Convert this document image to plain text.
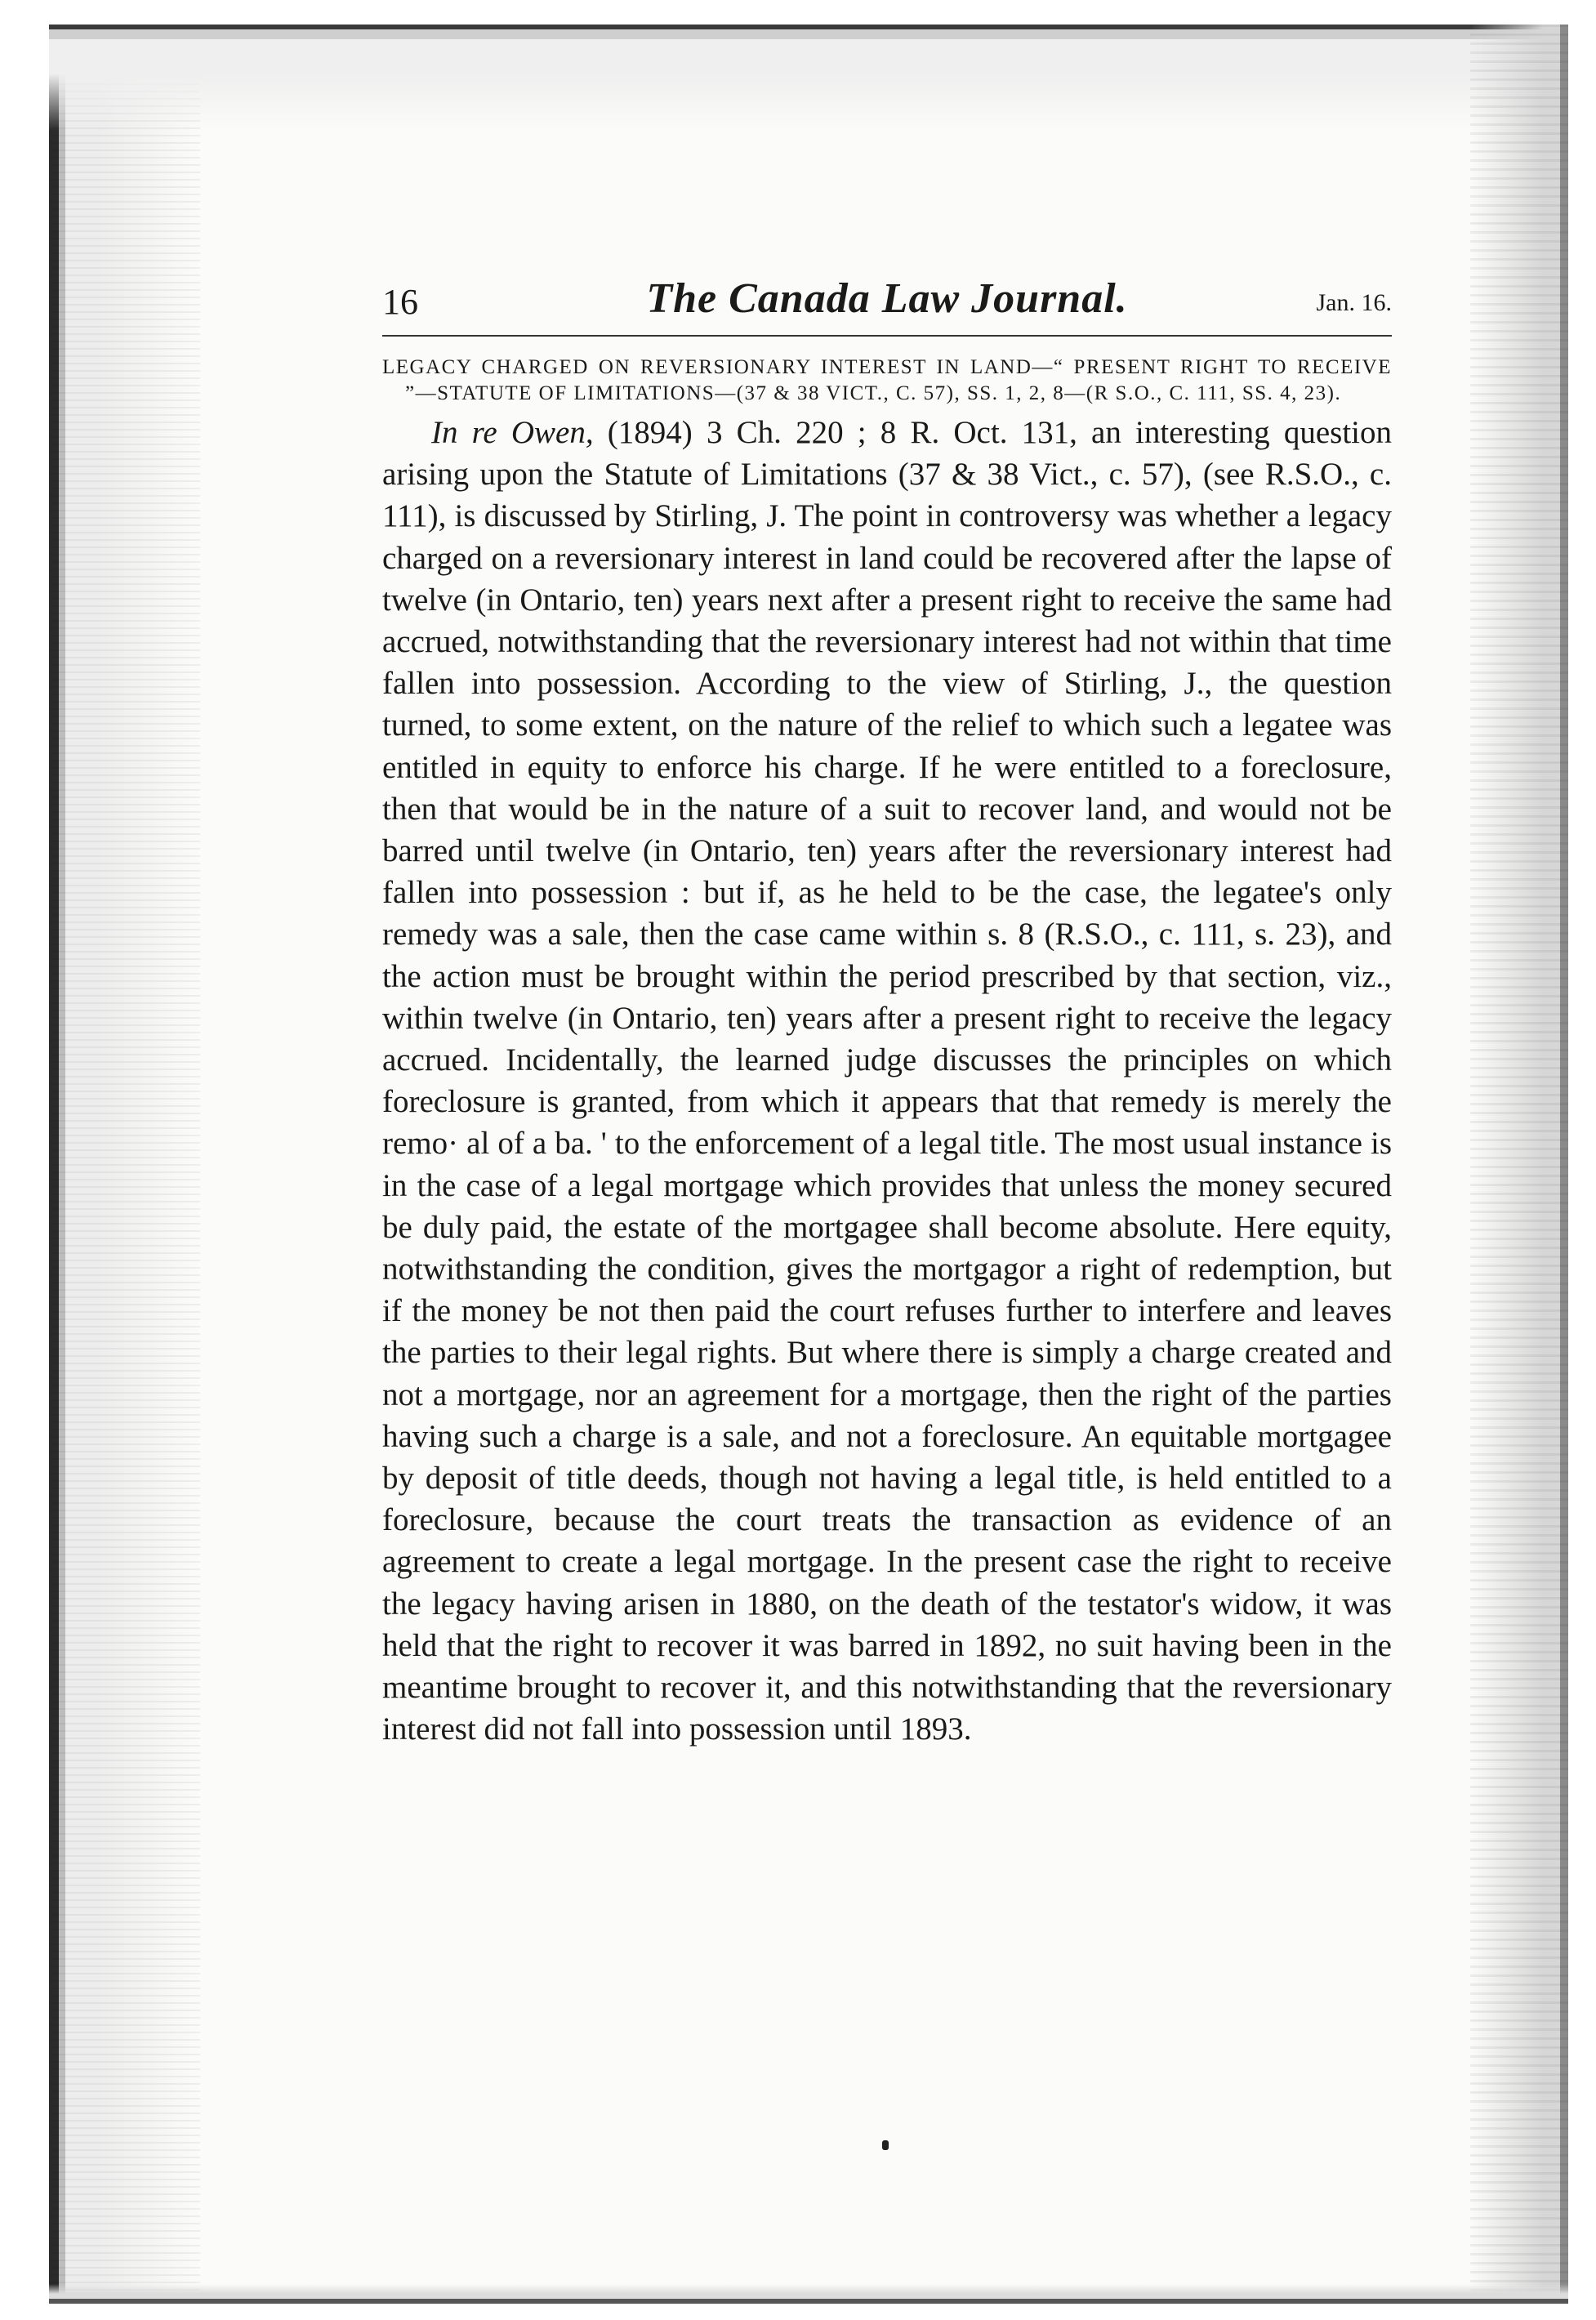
16	The Canada Law Journal.	Jan. 16.
LEGACY CHARGED ON REVERSIONARY INTEREST IN LAND—“ PRESENT RIGHT TO RECEIVE ”—STATUTE OF LIMITATIONS—(37 & 38 VICT., C. 57), SS. 1, 2, 8—(R S.O., C. 111, SS. 4, 23).

In re Owen, (1894) 3 Ch. 220 ; 8 R. Oct. 131, an interesting question arising upon the Statute of Limitations (37 & 38 Vict., c. 57), (see R.S.O., c. 111), is discussed by Stirling, J. The point in controversy was whether a legacy charged on a reversionary interest in land could be recovered after the lapse of twelve (in Ontario, ten) years next after a present right to receive the same had accrued, notwithstanding that the reversionary interest had not within that time fallen into possession. According to the view of Stirling, J., the question turned, to some extent, on the nature of the relief to which such a legatee was entitled in equity to enforce his charge. If he were entitled to a foreclosure, then that would be in the nature of a suit to recover land, and would not be barred until twelve (in Ontario, ten) years after the reversionary interest had fallen into possession : but if, as he held to be the case, the legatee's only remedy was a sale, then the case came within s. 8 (R.S.O., c. 111, s. 23), and the action must be brought within the period prescribed by that section, viz., within twelve (in Ontario, ten) years after a present right to receive the legacy accrued. Incidentally, the learned judge discusses the principles on which foreclosure is granted, from which it appears that that remedy is merely the remo· al of a ba. ' to the enforcement of a legal title. The most usual instance is in the case of a legal mortgage which provides that unless the money secured be duly paid, the estate of the mortgagee shall become absolute. Here equity, notwithstanding the condition, gives the mortgagor a right of redemption, but if the money be not then paid the court refuses further to interfere and leaves the parties to their legal rights. But where there is simply a charge created and not a mortgage, nor an agreement for a mortgage, then the right of the parties having such a charge is a sale, and not a foreclosure. An equitable mortgagee by deposit of title deeds, though not having a legal title, is held entitled to a foreclosure, because the court treats the transaction as evidence of an agreement to create a legal mortgage. In the present case the right to receive the legacy having arisen in 1880, on the death of the testator's widow, it was held that the right to recover it was barred in 1892, no suit having been in the meantime brought to recover it, and this notwithstanding that the reversionary interest did not fall into possession until 1893.
